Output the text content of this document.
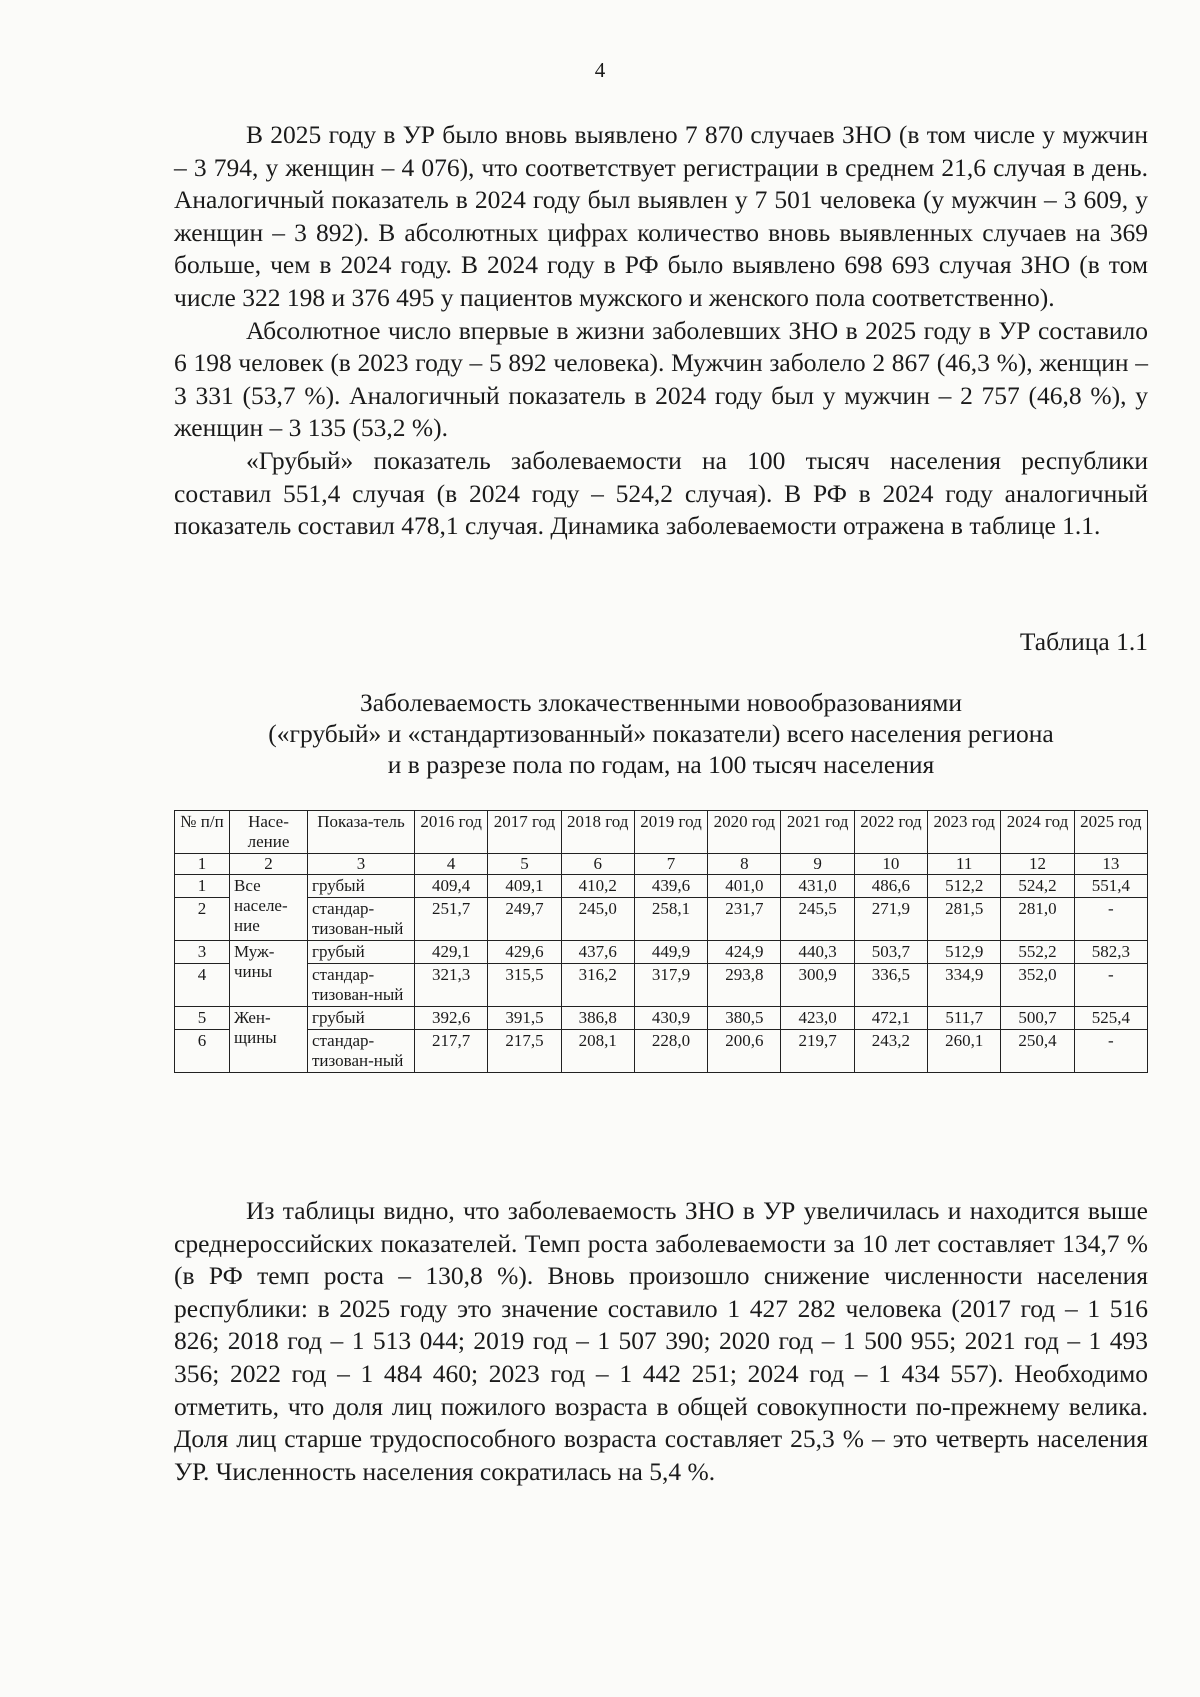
4

В 2025 году в УР было вновь выявлено 7 870 случаев ЗНО (в том числе у мужчин – 3 794, у женщин – 4 076), что соответствует регистрации в среднем 21,6 случая в день. Аналогичный показатель в 2024 году был выявлен у 7 501 человека (у мужчин – 3 609, у женщин – 3 892). В абсолютных цифрах количество вновь выявленных случаев на 369 больше, чем в 2024 году. В 2024 году в РФ было выявлено 698 693 случая ЗНО (в том числе 322 198 и 376 495 у пациентов мужского и женского пола соответственно).

Абсолютное число впервые в жизни заболевших ЗНО в 2025 году в УР составило 6 198 человек (в 2023 году – 5 892 человека). Мужчин заболело 2 867 (46,3 %), женщин – 3 331 (53,7 %). Аналогичный показатель в 2024 году был у мужчин – 2 757 (46,8 %), у женщин – 3 135 (53,2 %).

«Грубый» показатель заболеваемости на 100 тысяч населения республики составил 551,4 случая (в 2024 году – 524,2 случая). В РФ в 2024 году аналогичный показатель составил 478,1 случая. Динамика заболеваемости отражена в таблице 1.1.

Таблица 1.1
Заболеваемость злокачественными новообразованиями
(«грубый» и «стандартизованный» показатели) всего населения региона
и в разрезе пола по годам, на 100 тысяч населения
№ п/п	Насе-ление	Показа-тель	2016 год	2017 год	2018 год	2019 год	2020 год	2021 год	2022 год	2023 год	2024 год	2025 год
1	2	3	4	5	6	7	8	9	10	11	12	13
1	Все населе-ние	грубый	409,4	409,1	410,2	439,6	401,0	431,0	486,6	512,2	524,2	551,4
2		стандар-тизован-ный	251,7	249,7	245,0	258,1	231,7	245,5	271,9	281,5	281,0	-
3	Муж-чины	грубый	429,1	429,6	437,6	449,9	424,9	440,3	503,7	512,9	552,2	582,3
4		стандар-тизован-ный	321,3	315,5	316,2	317,9	293,8	300,9	336,5	334,9	352,0	-
5	Жен-щины	грубый	392,6	391,5	386,8	430,9	380,5	423,0	472,1	511,7	500,7	525,4
6		стандар-тизован-ный	217,7	217,5	208,1	228,0	200,6	219,7	243,2	260,1	250,4	-

Из таблицы видно, что заболеваемость ЗНО в УР увеличилась и находится выше среднероссийских показателей. Темп роста заболеваемости за 10 лет составляет 134,7 % (в РФ темп роста – 130,8 %). Вновь произошло снижение численности населения республики: в 2025 году это значение составило 1 427 282 человека (2017 год – 1 516 826; 2018 год – 1 513 044; 2019 год – 1 507 390; 2020 год – 1 500 955; 2021 год – 1 493 356; 2022 год – 1 484 460; 2023 год – 1 442 251; 2024 год – 1 434 557). Необходимо отметить, что доля лиц пожилого возраста в общей совокупности по-прежнему велика. Доля лиц старше трудоспособного возраста составляет 25,3 % – это четверть населения УР. Численность населения сократилась на 5,4 %.
